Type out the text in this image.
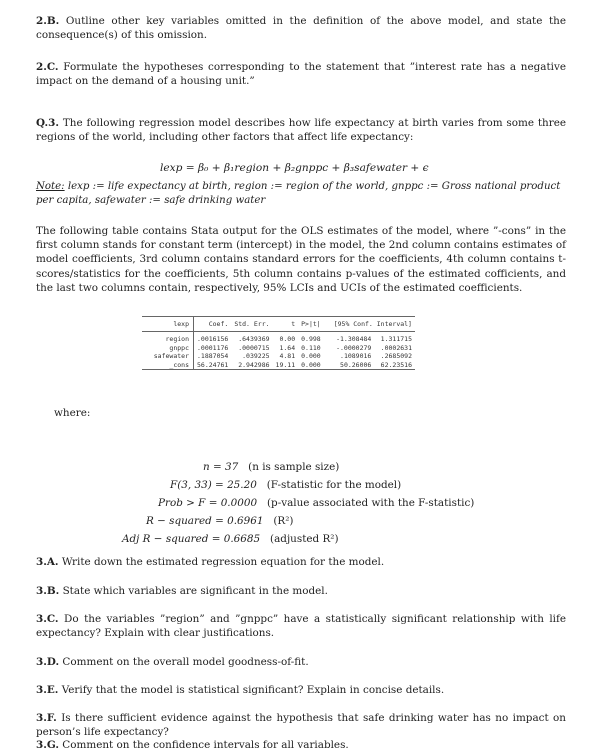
2.B. Outline other key variables omitted in the definition of the above model, and state the consequence(s) of this omission.

2.C. Formulate the hypotheses corresponding to the statement that ”interest rate has a negative impact on the demand of a housing unit.”

Q.3. The following regression model describes how life expectancy at birth varies from some three regions of the world, including other factors that affect life expectancy:

lexp = β₀ + β₁region + β₂gnppc + β₃safewater + ϵ

Note: lexp := life expectancy at birth, region := region of the world, gnppc := Gross national product per capita, safewater := safe drinking water

The following table contains Stata output for the OLS estimates of the model, where ”-cons” in the first column stands for constant term (intercept) in the model, the 2nd column contains estimates of model coefficients, 3rd column contains standard errors for the coefficients, 4th column contains t-scores/statistics for the coefficients, 5th column contains p-values of the estimated cofficients, and the last two columns contain, respectively, 95% LCIs and UCIs of the estimated coefficients.

lexp	Coef.	Std. Err.	t	P>|t|	[95% Conf. Interval]	
region	.0016156	.6439369	0.00	0.998	-1.308484	1.311715
gnppc	.0001176	.0000715	1.64	0.110	-.0000279	.0002631
safewater	.1887054	.039225	4.81	0.000	.1089016	.2685092
_cons	56.24761	2.942986	19.11	0.000	50.26006	62.23516
where:
n = 37 (n is sample size)
F(3, 33) = 25.20 (F-statistic for the model)
Prob > F = 0.0000 (p-value associated with the F-statistic)
R − squared = 0.6961 (R²)
Adj R − squared = 0.6685 (adjusted R²)

3.A. Write down the estimated regression equation for the model.

3.B. State which variables are significant in the model.

3.C. Do the variables ”region” and ”gnppc” have a statistically significant relationship with life expectancy? Explain with clear justifications.

3.D. Comment on the overall model goodness-of-fit.

3.E. Verify that the model is statistical significant? Explain in concise details.

3.F. Is there sufficient evidence against the hypothesis that safe drinking water has no impact on person’s life expectancy?

3.G. Comment on the confidence intervals for all variables.
